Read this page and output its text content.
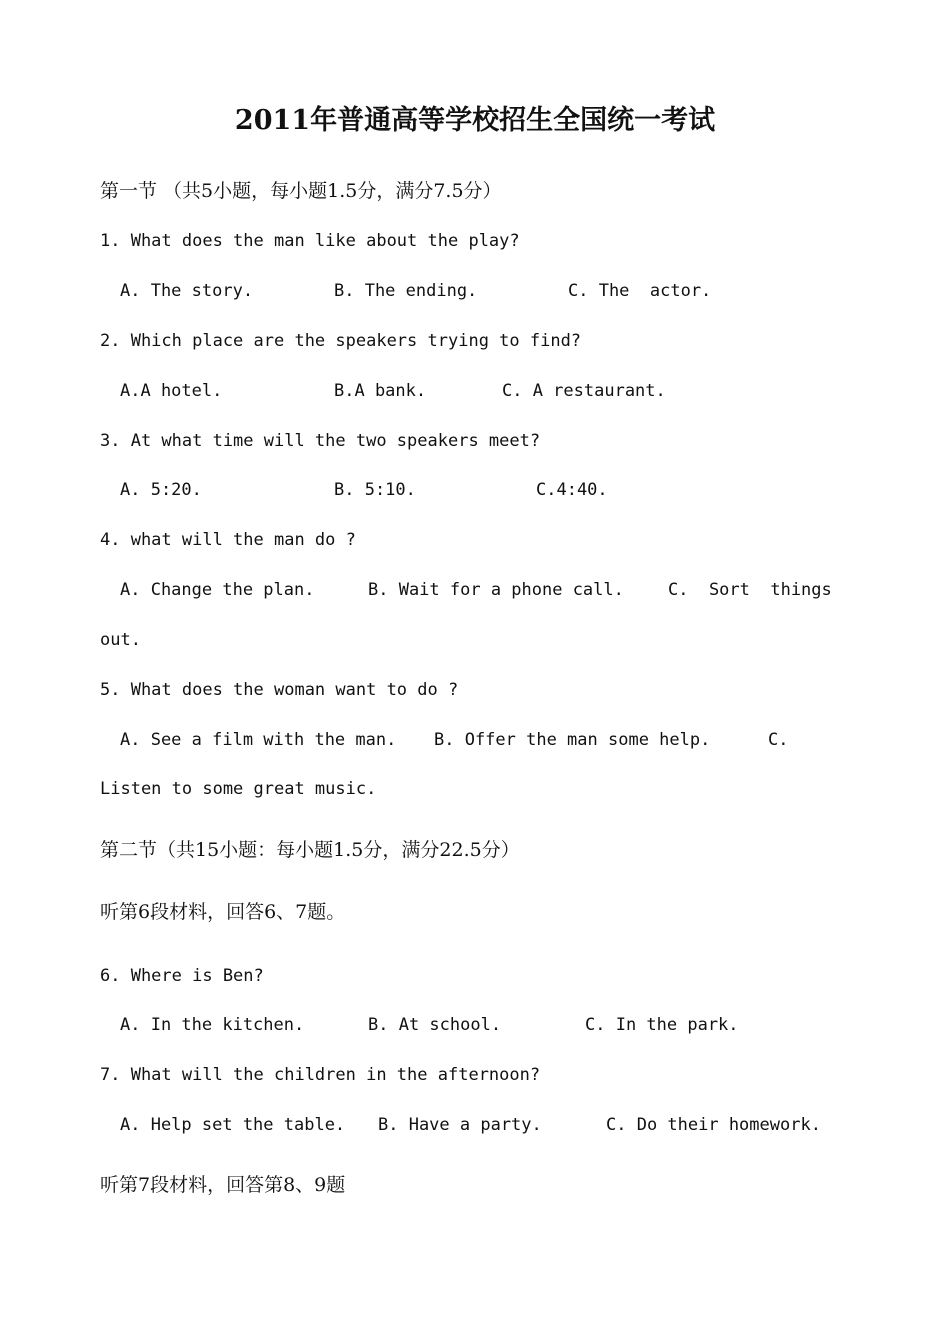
2011年普通高等学校招生全国统一考试
第一节 （共5小题，每小题1.5分，满分7.5分）
1. What does the man like about the play?
A. The story.	B. The ending.	C. The  actor.
2. Which place are the speakers trying to find?
A.A hotel.	B.A bank.	C. A restaurant.
3. At what time will the two speakers meet?
A. 5:20.	B. 5:10.	C.4:40.
4. what will the man do ?
A. Change the plan.	B. Wait for a phone call.	C.  Sort  things
out.
5. What does the woman want to do ?
A. See a film with the man. B. Offer the man some help.	C.
Listen to some great music.
第二节（共15小题：每小题1.5分，满分22.5分）
听第6段材料，回答6、7题。
6. Where is Ben?
A. In the kitchen.	B. At school.	C. In the park.
7. What will the children in the afternoon?
A. Help set the table. B. Have a party.	C. Do their homework.
听第7段材料，回答第8、9题
